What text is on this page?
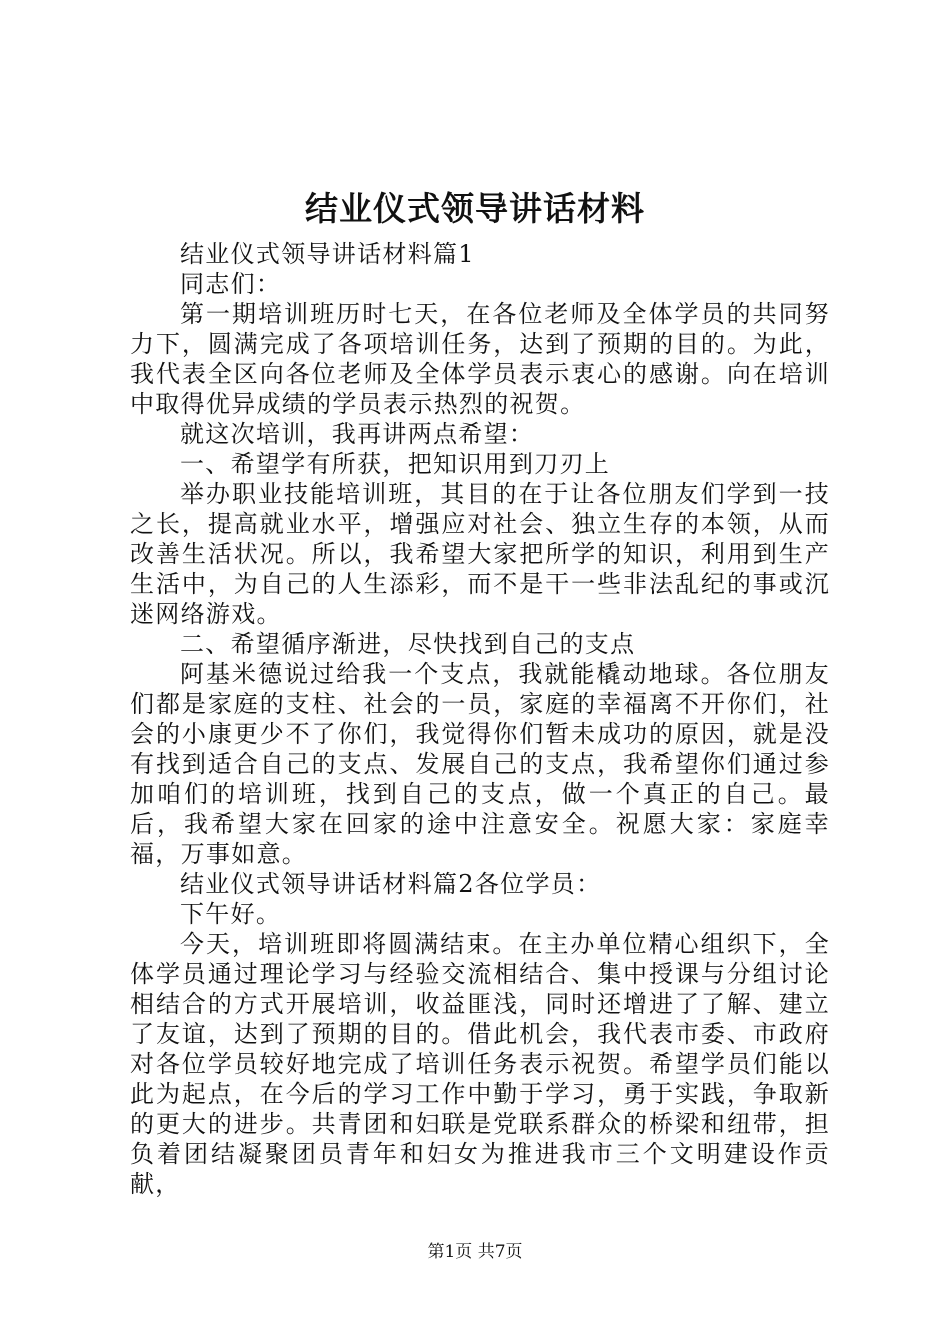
结业仪式领导讲话材料

结业仪式领导讲话材料篇1

同志们：

第一期培训班历时七天，在各位老师及全体学员的共同努力下，圆满完成了各项培训任务，达到了预期的目的。为此，我代表全区向各位老师及全体学员表示衷心的感谢。向在培训中取得优异成绩的学员表示热烈的祝贺。

就这次培训，我再讲两点希望：

一、希望学有所获，把知识用到刀刃上

举办职业技能培训班，其目的在于让各位朋友们学到一技之长，提高就业水平，增强应对社会、独立生存的本领，从而改善生活状况。所以，我希望大家把所学的知识，利用到生产生活中，为自己的人生添彩，而不是干一些非法乱纪的事或沉迷网络游戏。

二、希望循序渐进，尽快找到自己的支点

阿基米德说过给我一个支点，我就能橇动地球。各位朋友们都是家庭的支柱、社会的一员，家庭的幸福离不开你们，社会的小康更少不了你们，我觉得你们暂未成功的原因，就是没有找到适合自己的支点、发展自己的支点，我希望你们通过参加咱们的培训班，找到自己的支点，做一个真正的自己。最后，我希望大家在回家的途中注意安全。祝愿大家：家庭幸福，万事如意。

结业仪式领导讲话材料篇2各位学员：

下午好。

今天，培训班即将圆满结束。在主办单位精心组织下，全体学员通过理论学习与经验交流相结合、集中授课与分组讨论相结合的方式开展培训，收益匪浅，同时还增进了了解、建立了友谊，达到了预期的目的。借此机会，我代表市委、市政府对各位学员较好地完成了培训任务表示祝贺。希望学员们能以此为起点，在今后的学习工作中勤于学习，勇于实践，争取新的更大的进步。共青团和妇联是党联系群众的桥梁和纽带，担负着团结凝聚团员青年和妇女为推进我市三个文明建设作贡献，

第1页 共7页
